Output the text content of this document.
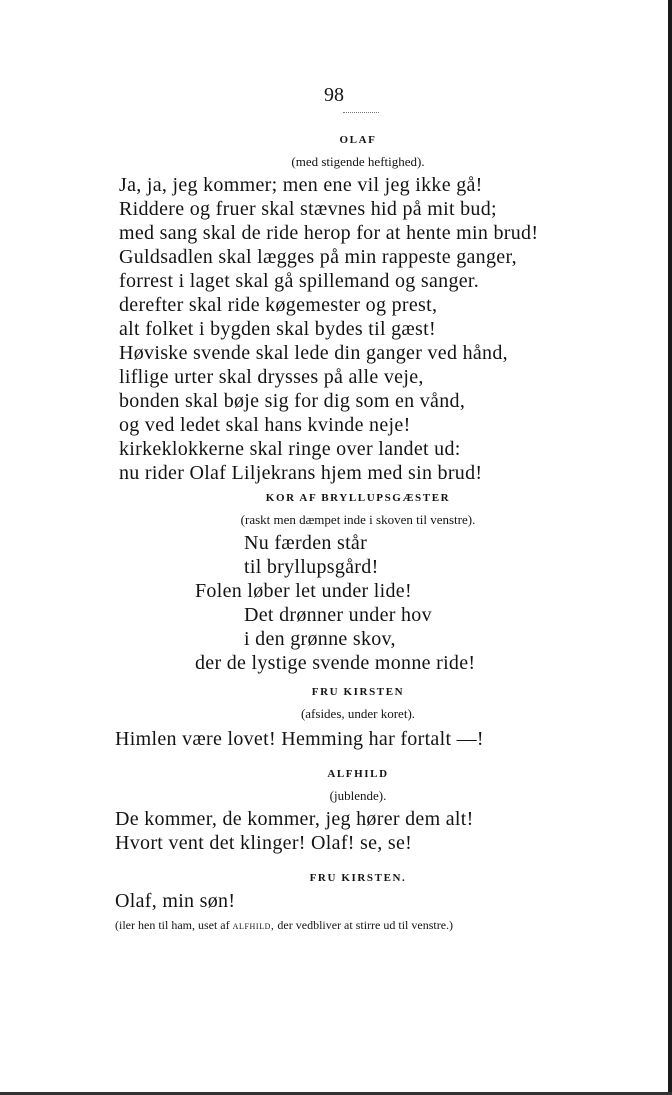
98
OLAF
(med stigende heftighed).
Ja, ja, jeg kommer; men ene vil jeg ikke gå!
Riddere og fruer skal stævnes hid på mit bud;
med sang skal de ride herop for at hente min brud!
Guldsadlen skal lægges på min rappeste ganger,
forrest i laget skal gå spillemand og sanger.
derefter skal ride køgemester og prest,
alt folket i bygden skal bydes til gæst!
Høviske svende skal lede din ganger ved hånd,
liflige urter skal drysses på alle veje,
bonden skal bøje sig for dig som en vånd,
og ved ledet skal hans kvinde neje!
kirkeklokkerne skal ringe over landet ud:
nu rider Olaf Liljekrans hjem med sin brud!
KOR AF BRYLLUPSGÆSTER
(raskt men dæmpet inde i skoven til venstre).
Nu færden står
til bryllupsgård!
Folen løber let under lide!
Det drønner under hov
i den grønne skov,
der de lystige svende monne ride!
FRU KIRSTEN
(afsides, under koret).
Himlen være lovet! Hemming har fortalt —!
ALFHILD
(jublende).
De kommer, de kommer, jeg hører dem alt!
Hvort vent det klinger! Olaf! se, se!
FRU KIRSTEN.
Olaf, min søn!
(iler hen til ham, uset af alfhild, der vedbliver at stirre ud til venstre.)
